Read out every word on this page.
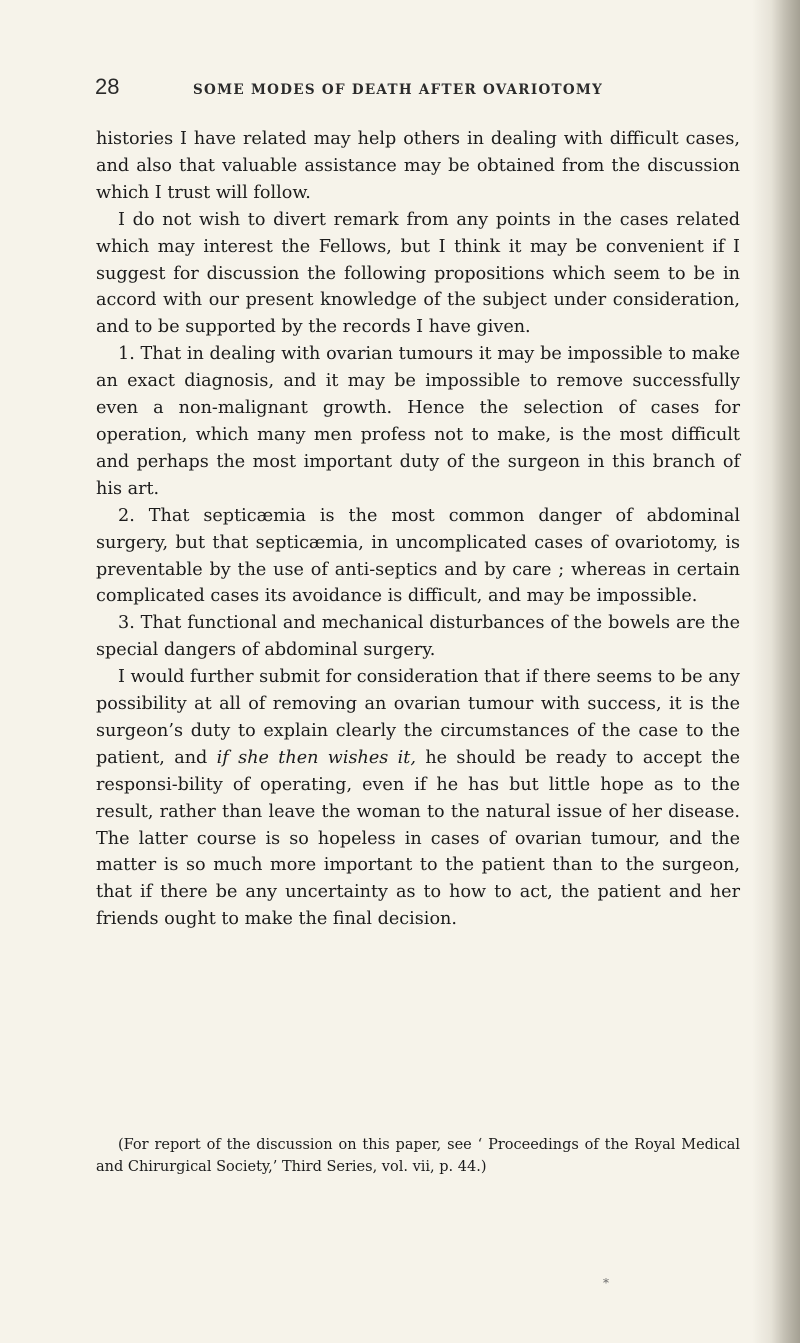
28	SOME MODES OF DEATH AFTER OVARIOTOMY

histories I have related may help others in dealing with difficult cases, and also that valuable assistance may be obtained from the discussion which I trust will follow.

I do not wish to divert remark from any points in the cases related which may interest the Fellows, but I think it may be convenient if I suggest for discussion the following propositions which seem to be in accord with our present knowledge of the subject under consideration, and to be supported by the records I have given.

1. That in dealing with ovarian tumours it may be impossible to make an exact diagnosis, and it may be impossible to remove successfully even a non-malignant growth. Hence the selection of cases for operation, which many men profess not to make, is the most difficult and perhaps the most important duty of the surgeon in this branch of his art.

2. That septicæmia is the most common danger of abdominal surgery, but that septicæmia, in uncomplicated cases of ovariotomy, is preventable by the use of anti-septics and by care ; whereas in certain complicated cases its avoidance is difficult, and may be impossible.

3. That functional and mechanical disturbances of the bowels are the special dangers of abdominal surgery.

I would further submit for consideration that if there seems to be any possibility at all of removing an ovarian tumour with success, it is the surgeon’s duty to explain clearly the circumstances of the case to the patient, and if she then wishes it, he should be ready to accept the responsi-bility of operating, even if he has but little hope as to the result, rather than leave the woman to the natural issue of her disease. The latter course is so hopeless in cases of ovarian tumour, and the matter is so much more important to the patient than to the surgeon, that if there be any uncertainty as to how to act, the patient and her friends ought to make the final decision.

(For report of the discussion on this paper, see ‘ Proceedings of the Royal Medical and Chirurgical Society,’ Third Series, vol. vii, p. 44.)
*
